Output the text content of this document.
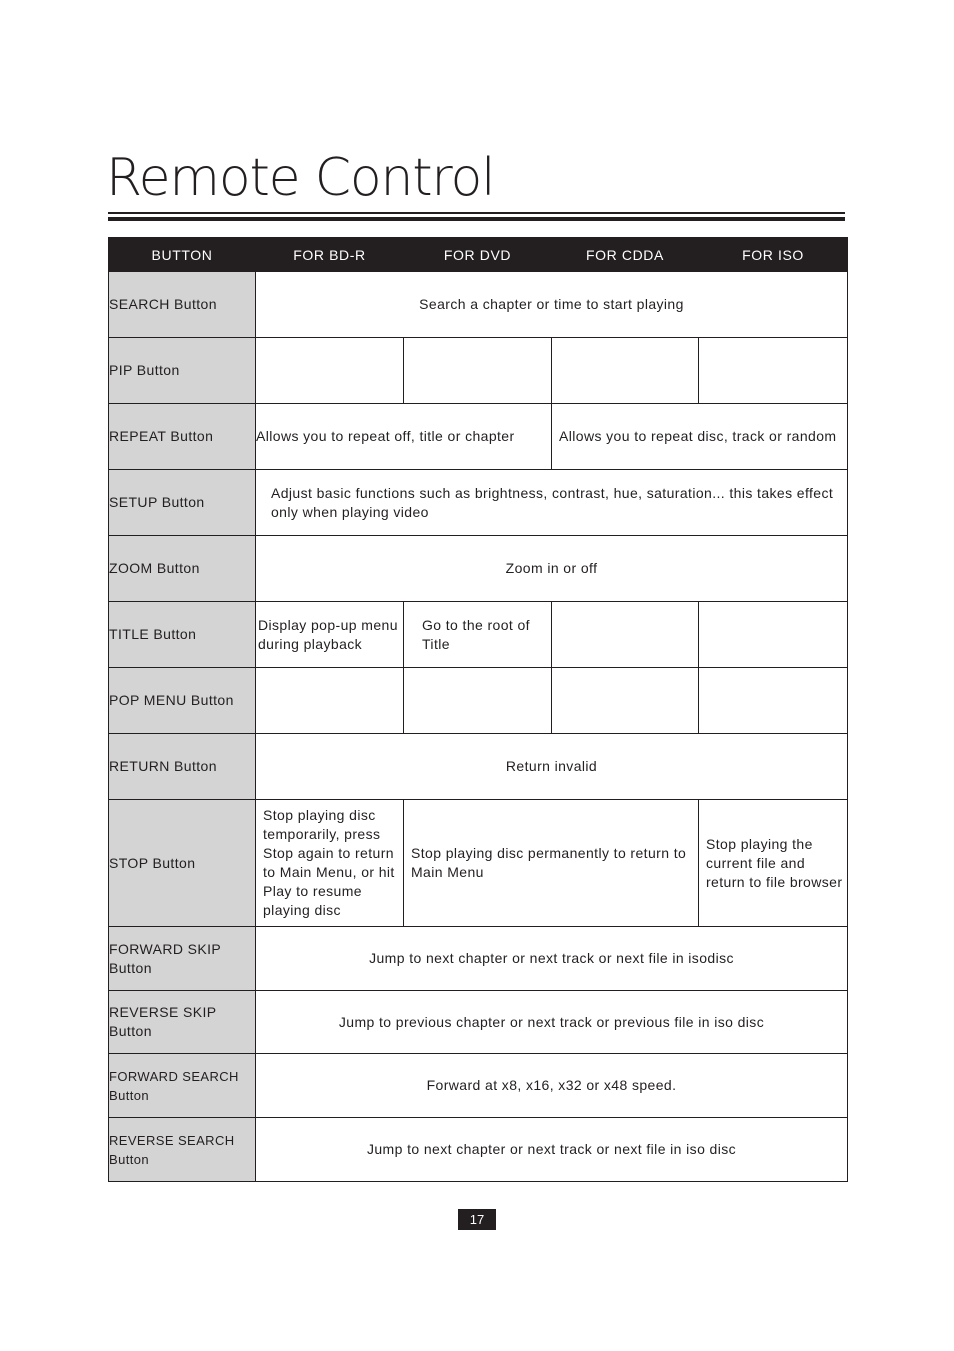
Remote Control
BUTTON	FOR BD-R	FOR DVD	FOR CDDA	FOR ISO
SEARCH Button	Search a chapter or time to start playing			
PIP Button				
REPEAT Button	Allows you to repeat off, title or chapter		Allows you to repeat disc, track or random	
SETUP Button	Adjust basic functions such as brightness, contrast, hue, saturation... this takes effect only when playing video			
ZOOM Button	Zoom in or off			
TITLE Button	Display pop-up menu during playback	Go to the root of Title		
POP MENU Button				
RETURN Button	Return invalid			
STOP Button	Stop playing disc temporarily, press Stop again to return to Main Menu, or hit Play to resume playing disc	Stop playing disc permanently to return to Main Menu		Stop playing the current file and return to file browser
FORWARD SKIP Button	Jump to next chapter or next track or next file in isodisc			
REVERSE SKIP Button	Jump to previous chapter or next track or previous file in iso disc			
FORWARD SEARCH Button	Forward at x8, x16, x32 or x48 speed.			
REVERSE SEARCH Button	Jump to next chapter or next track or next file in iso disc			
17
